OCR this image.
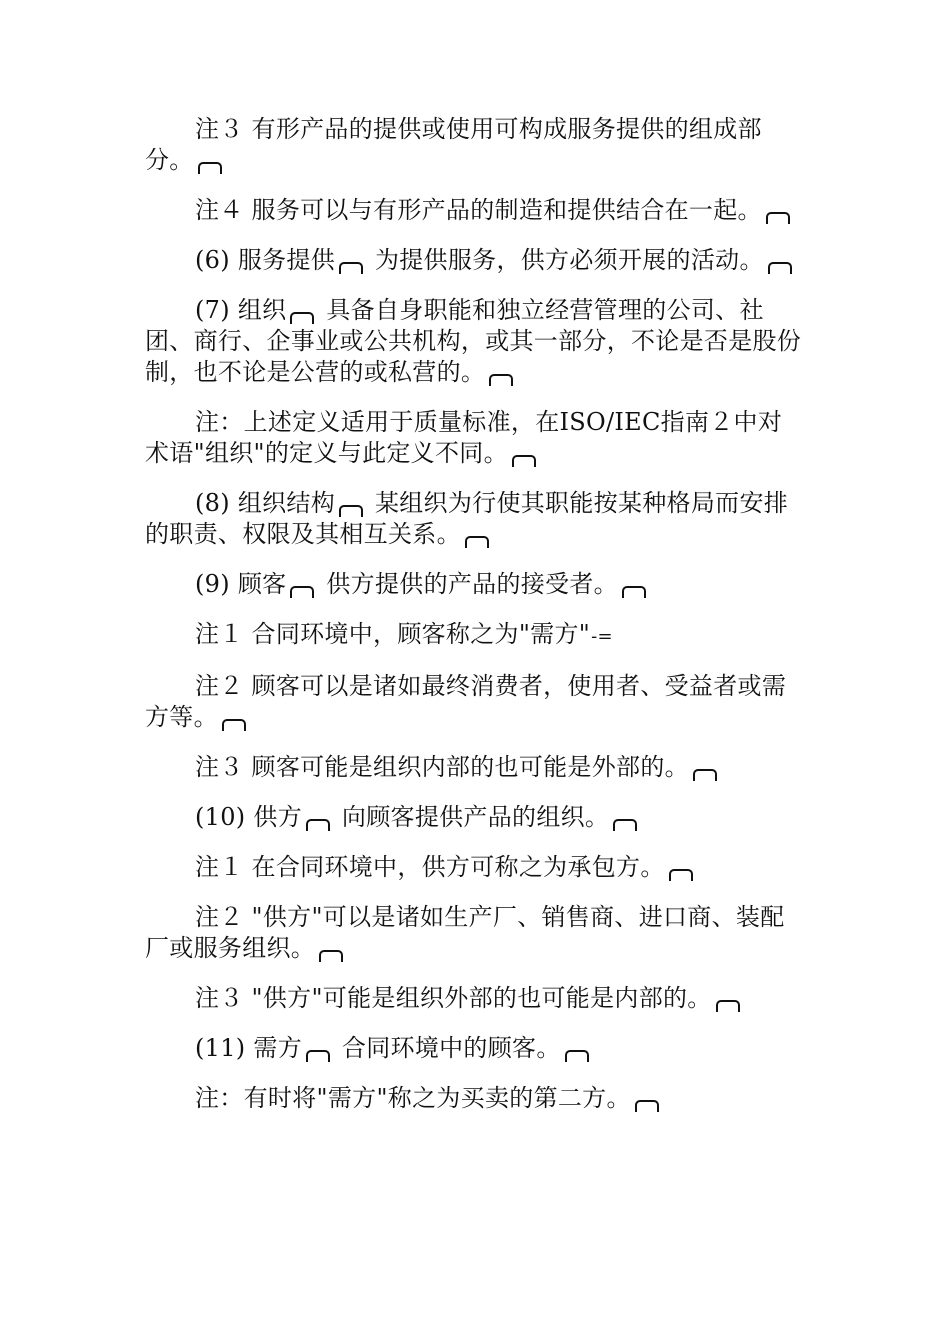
注３ 有形产品的提供或使用可构成服务提供的组成部分。

注４ 服务可以与有形产品的制造和提供结合在一起。

(6) 服务提供 为提供服务，供方必须开展的活动。

(7) 组织 具备自身职能和独立经营管理的公司、社团、商行、企事业或公共机构，或其一部分，不论是否是股份制，也不论是公营的或私营的。

注：上述定义适用于质量标准，在ISO/IEC指南２中对术语"组织"的定义与此定义不同。

(8) 组织结构 某组织为行使其职能按某种格局而安排的职责、权限及其相互关系。

(9) 顾客 供方提供的产品的接受者。

注１ 合同环境中，顾客称之为"需方"-=

注２ 顾客可以是诸如最终消费者，使用者、受益者或需方等。

注３ 顾客可能是组织内部的也可能是外部的。

(10) 供方 向顾客提供产品的组织。

注１ 在合同环境中，供方可称之为承包方。

注２ "供方"可以是诸如生产厂、销售商、进口商、装配厂或服务组织。

注３ "供方"可能是组织外部的也可能是内部的。

(11) 需方 合同环境中的顾客。

注：有时将"需方"称之为买卖的第二方。
